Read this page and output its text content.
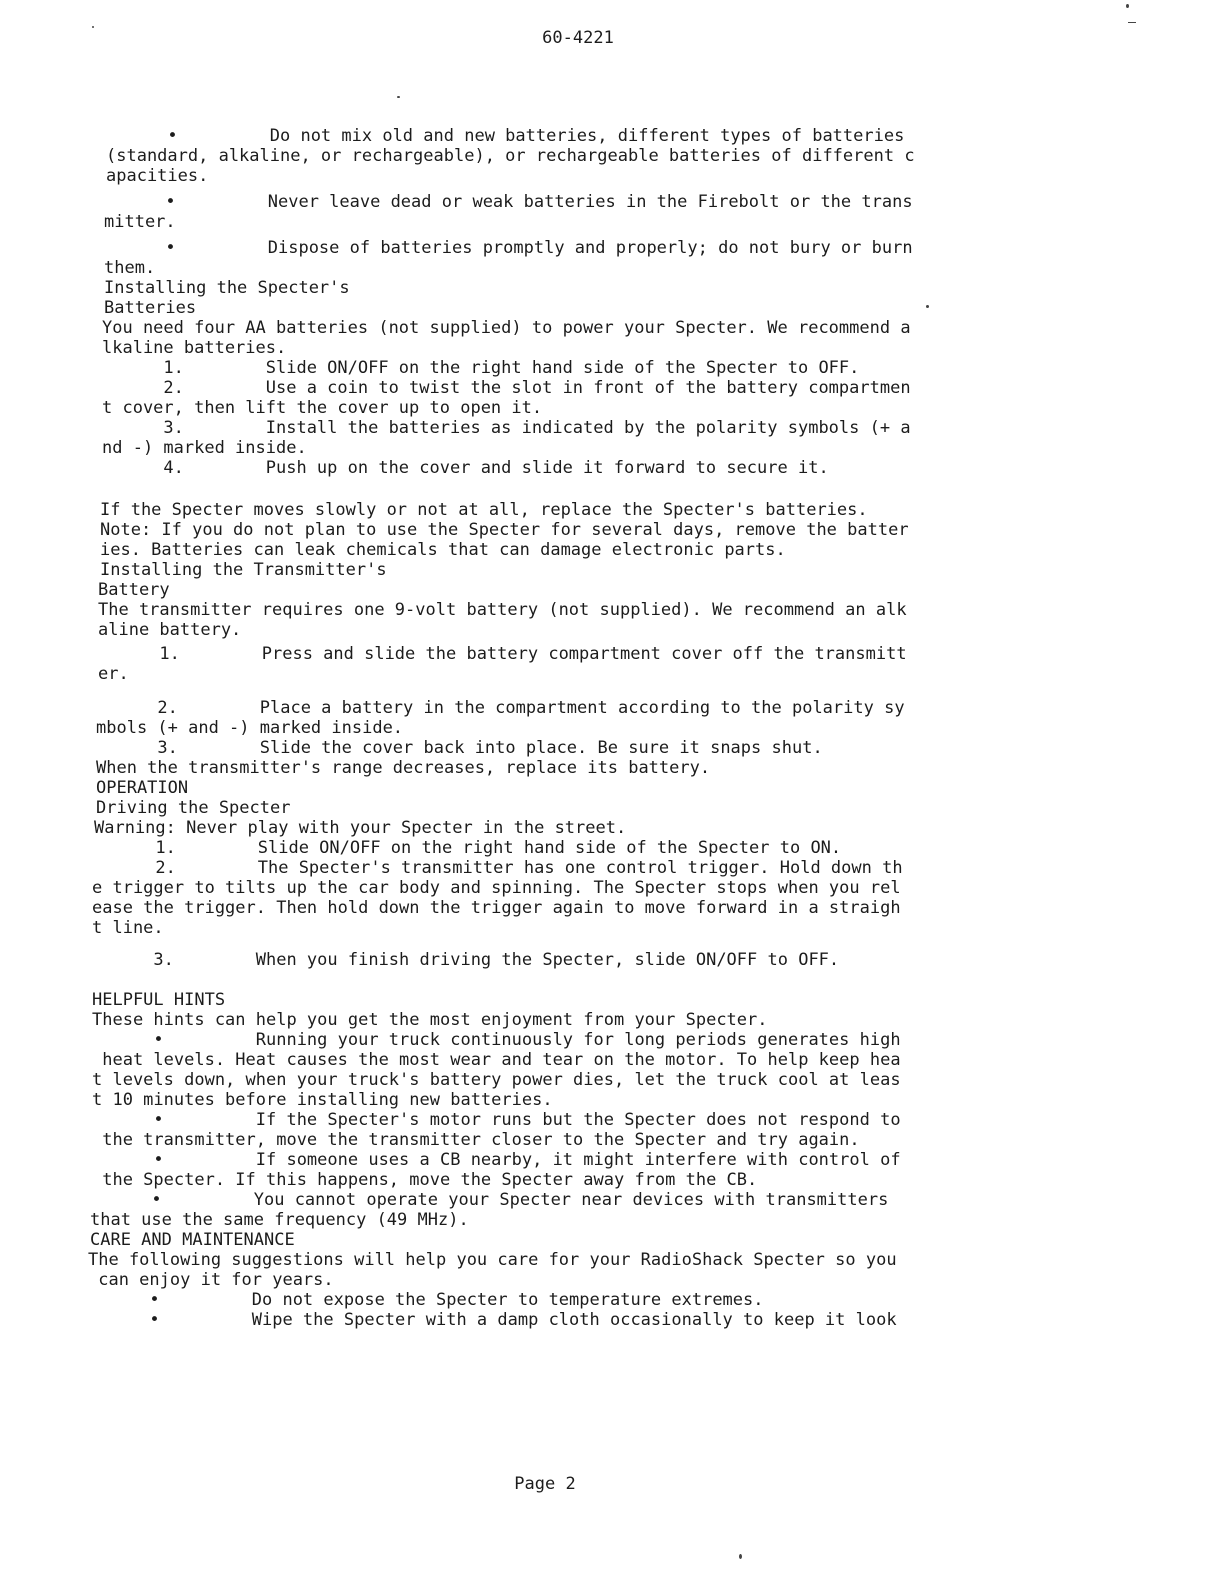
60-4221
•         Do not mix old and new batteries, different types of batteries
(standard, alkaline, or rechargeable), or rechargeable batteries of different c
apacities.
•         Never leave dead or weak batteries in the Firebolt or the trans
mitter.
•         Dispose of batteries promptly and properly; do not bury or burn
them.
Installing the Specter's
Batteries
You need four AA batteries (not supplied) to power your Specter. We recommend a
lkaline batteries.
1.        Slide ON/OFF on the right hand side of the Specter to OFF.
2.        Use a coin to twist the slot in front of the battery compartmen
t cover, then lift the cover up to open it.
3.        Install the batteries as indicated by the polarity symbols (+ a
nd -) marked inside.
4.        Push up on the cover and slide it forward to secure it.
If the Specter moves slowly or not at all, replace the Specter's batteries.
Note: If you do not plan to use the Specter for several days, remove the batter
ies. Batteries can leak chemicals that can damage electronic parts.
Installing the Transmitter's
Battery
The transmitter requires one 9-volt battery (not supplied). We recommend an alk
aline battery.
1.        Press and slide the battery compartment cover off the transmitt
er.
2.        Place a battery in the compartment according to the polarity sy
mbols (+ and -) marked inside.
3.        Slide the cover back into place. Be sure it snaps shut.
When the transmitter's range decreases, replace its battery.
OPERATION
Driving the Specter
Warning: Never play with your Specter in the street.
1.        Slide ON/OFF on the right hand side of the Specter to ON.
2.        The Specter's transmitter has one control trigger. Hold down th
e trigger to tilts up the car body and spinning. The Specter stops when you rel
ease the trigger. Then hold down the trigger again to move forward in a straigh
t line.
3.        When you finish driving the Specter, slide ON/OFF to OFF.
HELPFUL HINTS
These hints can help you get the most enjoyment from your Specter.
•         Running your truck continuously for long periods generates high
heat levels. Heat causes the most wear and tear on the motor. To help keep hea
t levels down, when your truck's battery power dies, let the truck cool at leas
t 10 minutes before installing new batteries.
•         If the Specter's motor runs but the Specter does not respond to
the transmitter, move the transmitter closer to the Specter and try again.
•         If someone uses a CB nearby, it might interfere with control of
the Specter. If this happens, move the Specter away from the CB.
•         You cannot operate your Specter near devices with transmitters
that use the same frequency (49 MHz).
CARE AND MAINTENANCE
The following suggestions will help you care for your RadioShack Specter so you
can enjoy it for years.
•         Do not expose the Specter to temperature extremes.
•         Wipe the Specter with a damp cloth occasionally to keep it look
Page 2
